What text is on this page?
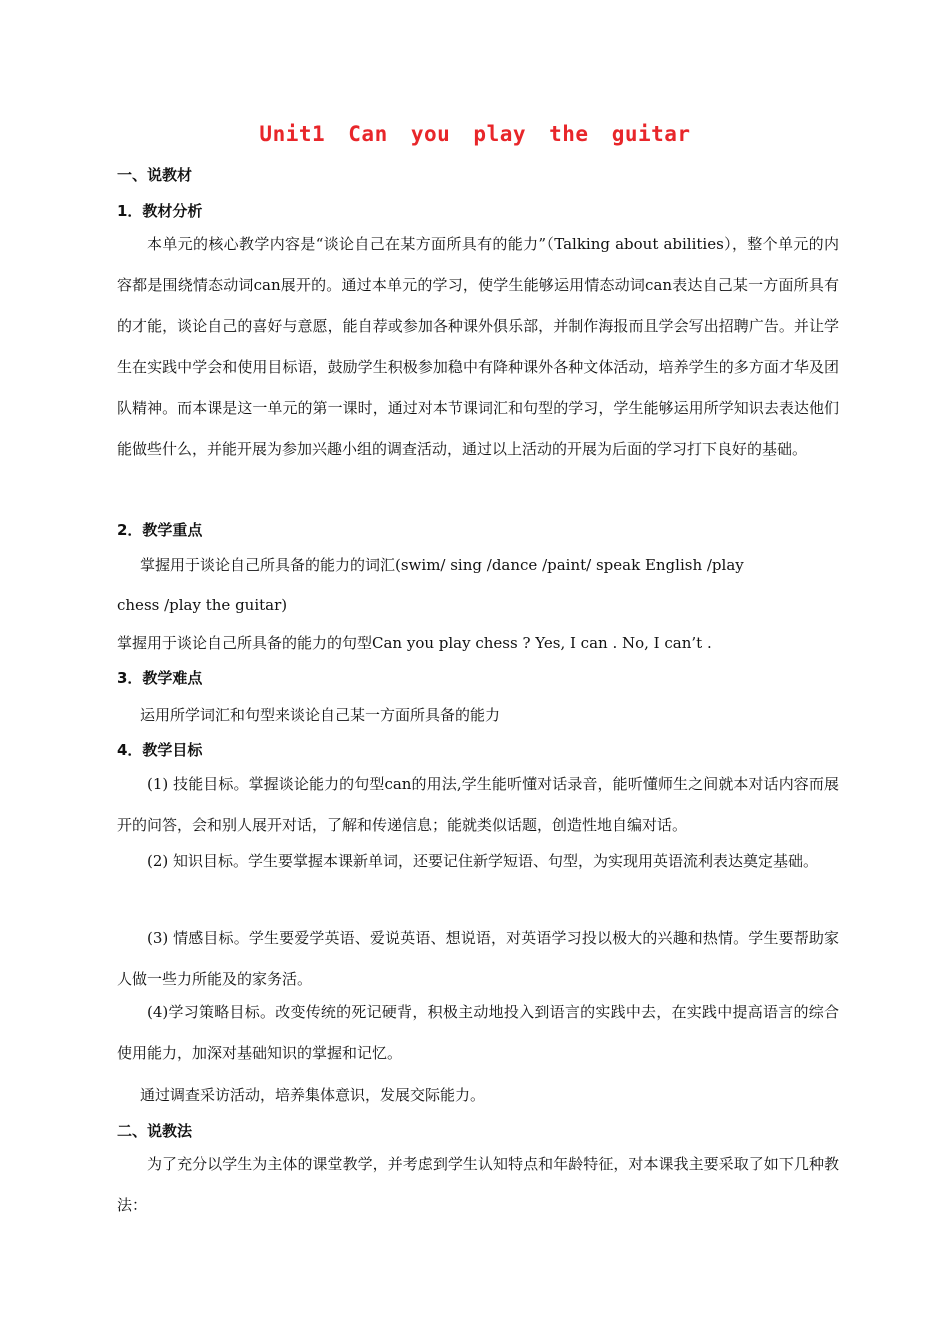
Unit1 Can you play the guitar
一、说教材
1．教材分析

本单元的核心教学内容是“谈论自己在某方面所具有的能力”（Talking about abilities），整个单元的内容都是围绕情态动词can展开的。通过本单元的学习，使学生能够运用情态动词can表达自己某一方面所具有的才能，谈论自己的喜好与意愿，能自荐或参加各种课外俱乐部，并制作海报而且学会写出招聘广告。并让学生在实践中学会和使用目标语，鼓励学生积极参加稳中有降种课外各种文体活动，培养学生的多方面才华及团队精神。而本课是这一单元的第一课时，通过对本节课词汇和句型的学习，学生能够运用所学知识去表达他们能做些什么，并能开展为参加兴趣小组的调查活动，通过以上活动的开展为后面的学习打下良好的基础。

2．教学重点
掌握用于谈论自己所具备的能力的词汇(swim/ sing /dance /paint/ speak English /play
chess /play the guitar)
掌握用于谈论自己所具备的能力的句型Can you play chess ? Yes, I can . No, I can’t .
3．教学难点
运用所学词汇和句型来谈论自己某一方面所具备的能力
4．教学目标

(1) 技能目标。掌握谈论能力的句型can的用法,学生能听懂对话录音，能听懂师生之间就本对话内容而展开的问答，会和别人展开对话，了解和传递信息；能就类似话题，创造性地自编对话。

(2) 知识目标。学生要掌握本课新单词，还要记住新学短语、句型，为实现用英语流利表达奠定基础。

(3) 情感目标。学生要爱学英语、爱说英语、想说语，对英语学习投以极大的兴趣和热情。学生要帮助家人做一些力所能及的家务活。

(4)学习策略目标。改变传统的死记硬背，积极主动地投入到语言的实践中去，在实践中提高语言的综合使用能力，加深对基础知识的掌握和记忆。

通过调查采访活动，培养集体意识，发展交际能力。
二、说教法

为了充分以学生为主体的课堂教学，并考虑到学生认知特点和年龄特征，对本课我主要采取了如下几种教法：
